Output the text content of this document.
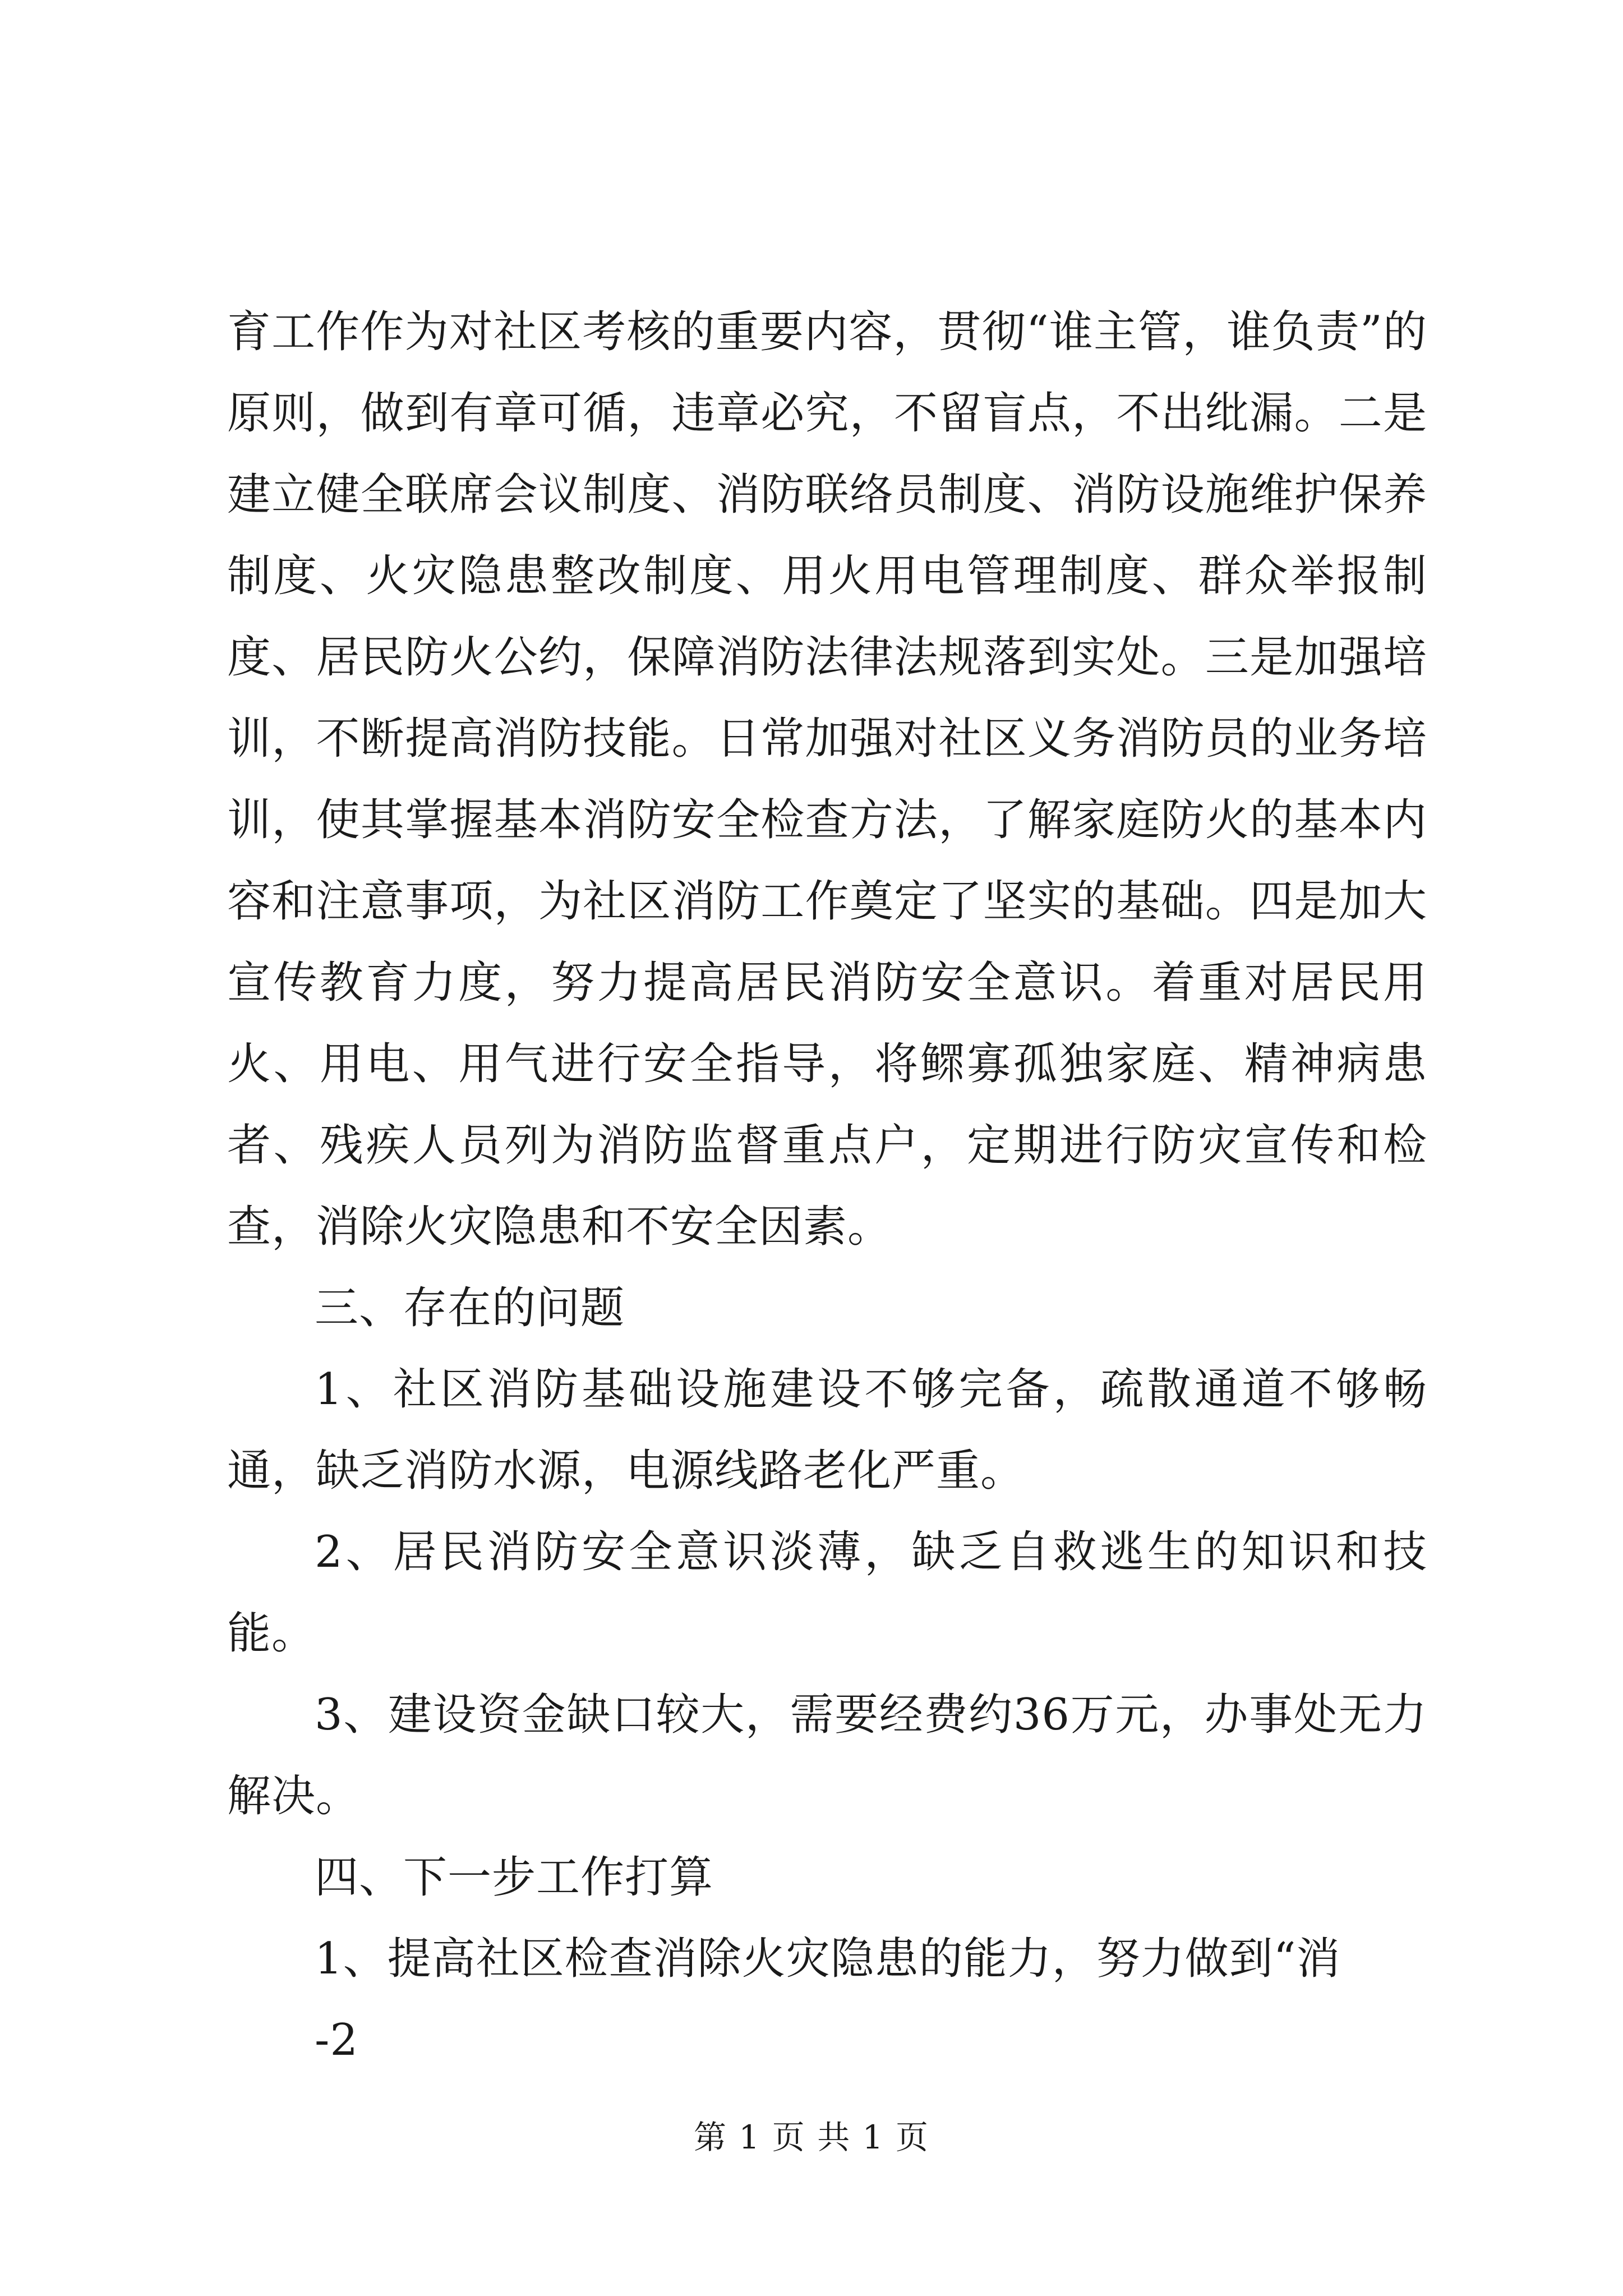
育工作作为对社区考核的重要内容，贯彻“谁主管，谁负责”的原则，做到有章可循，违章必究，不留盲点，不出纰漏。二是建立健全联席会议制度、消防联络员制度、消防设施维护保养制度、火灾隐患整改制度、用火用电管理制度、群众举报制度、居民防火公约，保障消防法律法规落到实处。三是加强培训，不断提高消防技能。日常加强对社区义务消防员的业务培训，使其掌握基本消防安全检查方法，了解家庭防火的基本内容和注意事项，为社区消防工作奠定了坚实的基础。四是加大宣传教育力度，努力提高居民消防安全意识。着重对居民用火、用电、用气进行安全指导，将鳏寡孤独家庭、精神病患者、残疾人员列为消防监督重点户，定期进行防灾宣传和检查，消除火灾隐患和不安全因素。

三、存在的问题

1、社区消防基础设施建设不够完备，疏散通道不够畅通，缺乏消防水源，电源线路老化严重。

2、居民消防安全意识淡薄，缺乏自救逃生的知识和技能。

3、建设资金缺口较大，需要经费约36万元，办事处无力解决。

四、下一步工作打算

1、提高社区检查消除火灾隐患的能力，努力做到“消

-2

第 1 页 共 1 页
